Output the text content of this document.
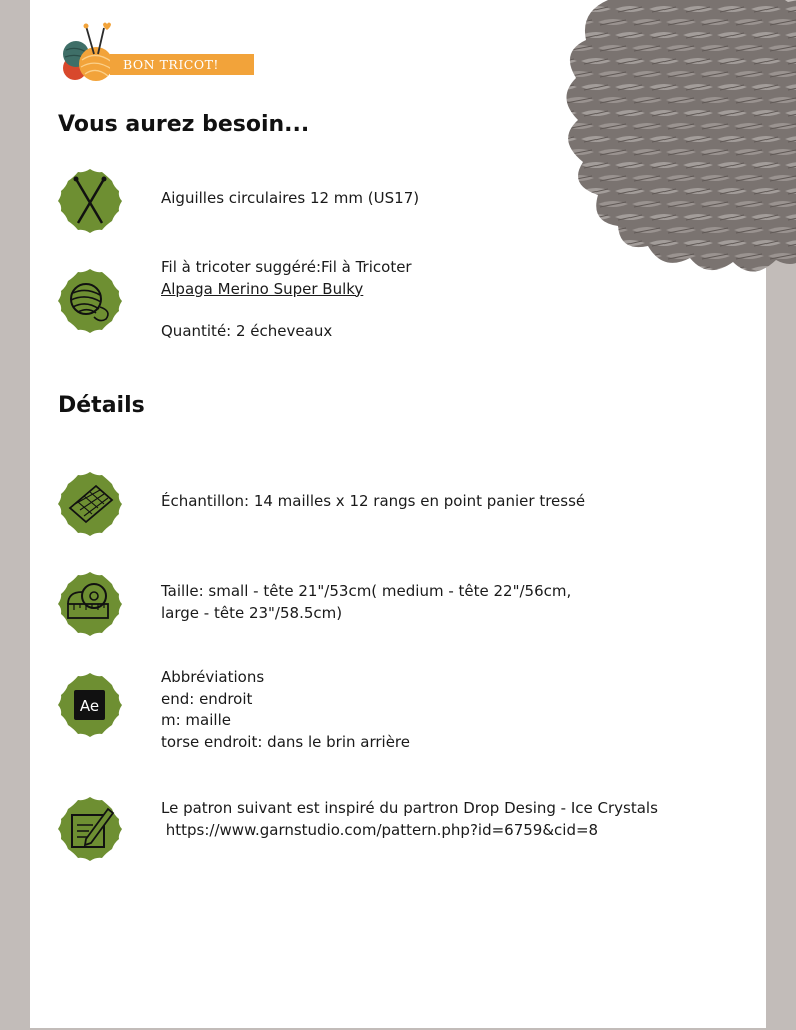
BON TRICOT!
Vous aurez besoin...

Aiguilles circulaires 12 mm (US17)

Fil à tricoter suggéré:Fil à Tricoter
Alpaga Merino Super Bulky
Quantité: 2 écheveaux
Détails

Échantillon: 14 mailles x 12 rangs en point panier tressé

Taille: small - tête 21"/53cm( medium - tête 22"/56cm,
large - tête 23"/58.5cm)

Ae

Abbréviations
end: endroit
m: maille
torse endroit: dans le brin arrière

Le patron suivant est inspiré du partron Drop Desing - Ice Crystals
https://www.garnstudio.com/pattern.php?id=6759&cid=8
